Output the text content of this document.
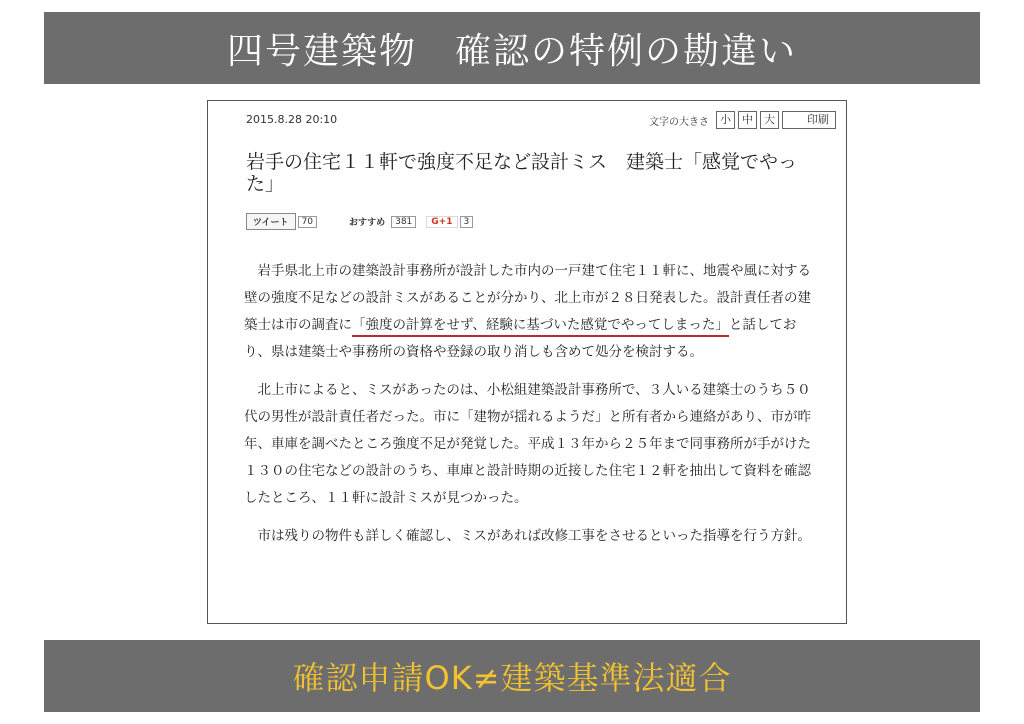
四号建築物　確認の特例の勘違い
2015.8.28 20:10	文字の大きさ	小	中	大	印刷
岩手の住宅１１軒で強度不足など設計ミス　建築士「感覚でやった」
ツイート	70	おすすめ	381	G+1	3

岩手県北上市の建築設計事務所が設計した市内の一戸建て住宅１１軒に、地震や風に対する壁の強度不足などの設計ミスがあることが分かり、北上市が２８日発表した。設計責任者の建築士は市の調査に「強度の計算をせず、経験に基づいた感覚でやってしまった」と話しており、県は建築士や事務所の資格や登録の取り消しも含めて処分を検討する。

北上市によると、ミスがあったのは、小松組建築設計事務所で、３人いる建築士のうち５０代の男性が設計責任者だった。市に「建物が揺れるようだ」と所有者から連絡があり、市が昨年、車庫を調べたところ強度不足が発覚した。平成１３年から２５年まで同事務所が手がけた１３０の住宅などの設計のうち、車庫と設計時期の近接した住宅１２軒を抽出して資料を確認したところ、１１軒に設計ミスが見つかった。

市は残りの物件も詳しく確認し、ミスがあれば改修工事をさせるといった指導を行う方針。

確認申請OK≠建築基準法適合
